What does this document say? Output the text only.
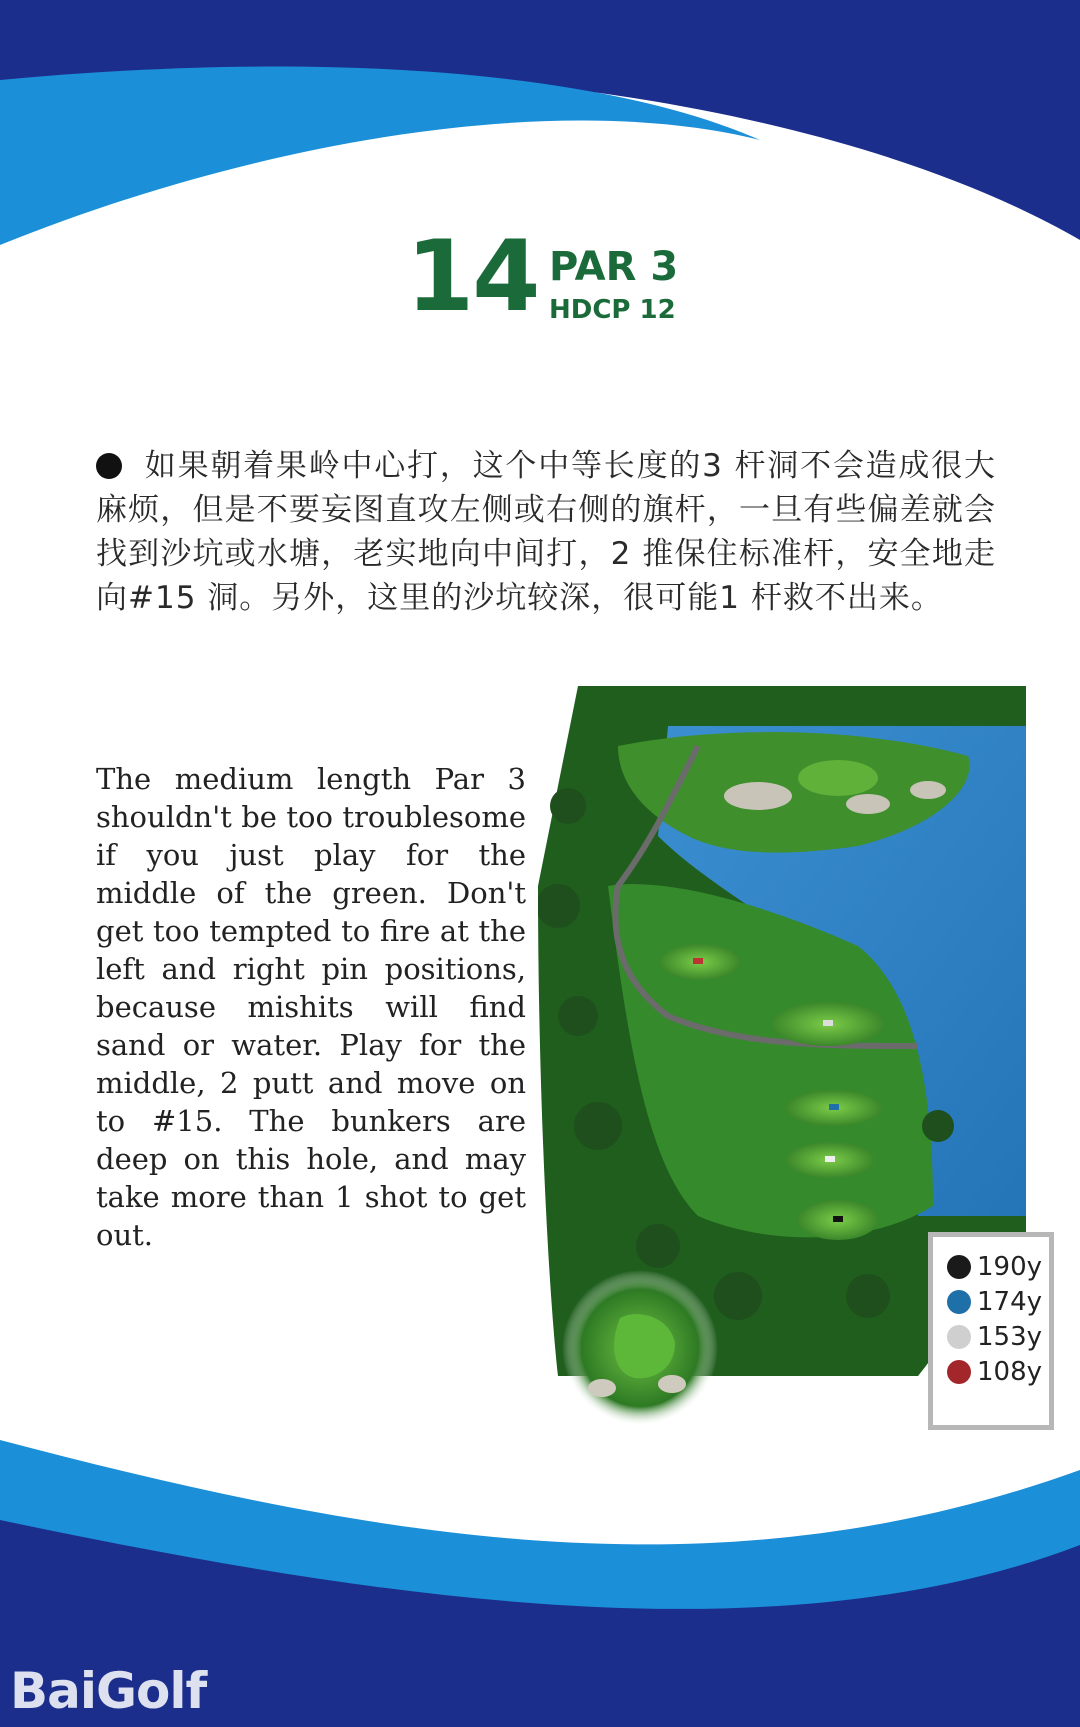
14 PAR 3
HDCP 12
如果朝着果岭中心打，这个中等长度的3 杆洞不会造成很大麻烦，但是不要妄图直攻左侧或右侧的旗杆，一旦有些偏差就会找到沙坑或水塘，老实地向中间打，2 推保住标准杆，安全地走向#15 洞。另外，这里的沙坑较深，很可能1 杆救不出来。
The medium length Par 3 shouldn't be too troublesome if you just play for the middle of the green. Don't get too tempted to fire at the left and right pin positions, because mishits will find sand or water. Play for the middle, 2 putt and move on to #15. The bunkers are deep on this hole, and may take more than 1 shot to get out.
190y
174y
153y
108y
BaiGolf
